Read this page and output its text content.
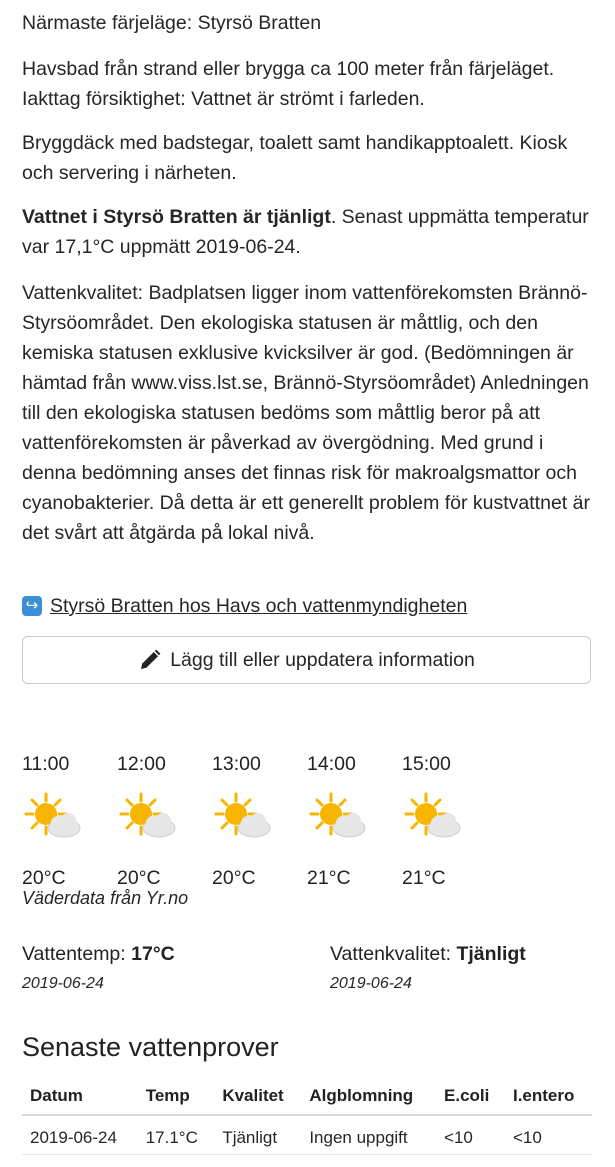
Närmaste färjeläge: Styrsö Bratten

Havsbad från strand eller brygga ca 100 meter från färjeläget. Iakttag försiktighet: Vattnet är strömt i farleden.

Bryggdäck med badstegar, toalett samt handikapptoalett. Kiosk och servering i närheten.

Vattnet i Styrsö Bratten är tjänligt. Senast uppmätta temperatur var 17,1°C uppmätt 2019-06-24.

Vattenkvalitet: Badplatsen ligger inom vattenförekomsten Brännö-Styrsöområdet. Den ekologiska statusen är måttlig, och den kemiska statusen exklusive kvicksilver är god. (Bedömningen är hämtad från www.viss.lst.se, Brännö-Styrsöområdet) Anledningen till den ekologiska statusen bedöms som måttlig beror på att vattenförekomsten är påverkad av övergödning. Med grund i denna bedömning anses det finnas risk för makroalgsmattor och cyanobakterier. Då detta är ett generellt problem för kustvattnet är det svårt att åtgärda på lokal nivå.

↪ Styrsö Bratten hos Havs och vattenmyndigheten
Lägg till eller uppdatera information
11:00
20°C
12:00
20°C
13:00
20°C
14:00
21°C
15:00
21°C
Väderdata från Yr.no
Vattentemp: 17°C
2019-06-24
Vattenkvalitet: Tjänligt
2019-06-24
Senaste vattenprover
Datum	Temp	Kvalitet	Algblomning	E.coli	I.entero
2019-06-24	17.1°C	Tjänligt	Ingen uppgift	<10	<10
